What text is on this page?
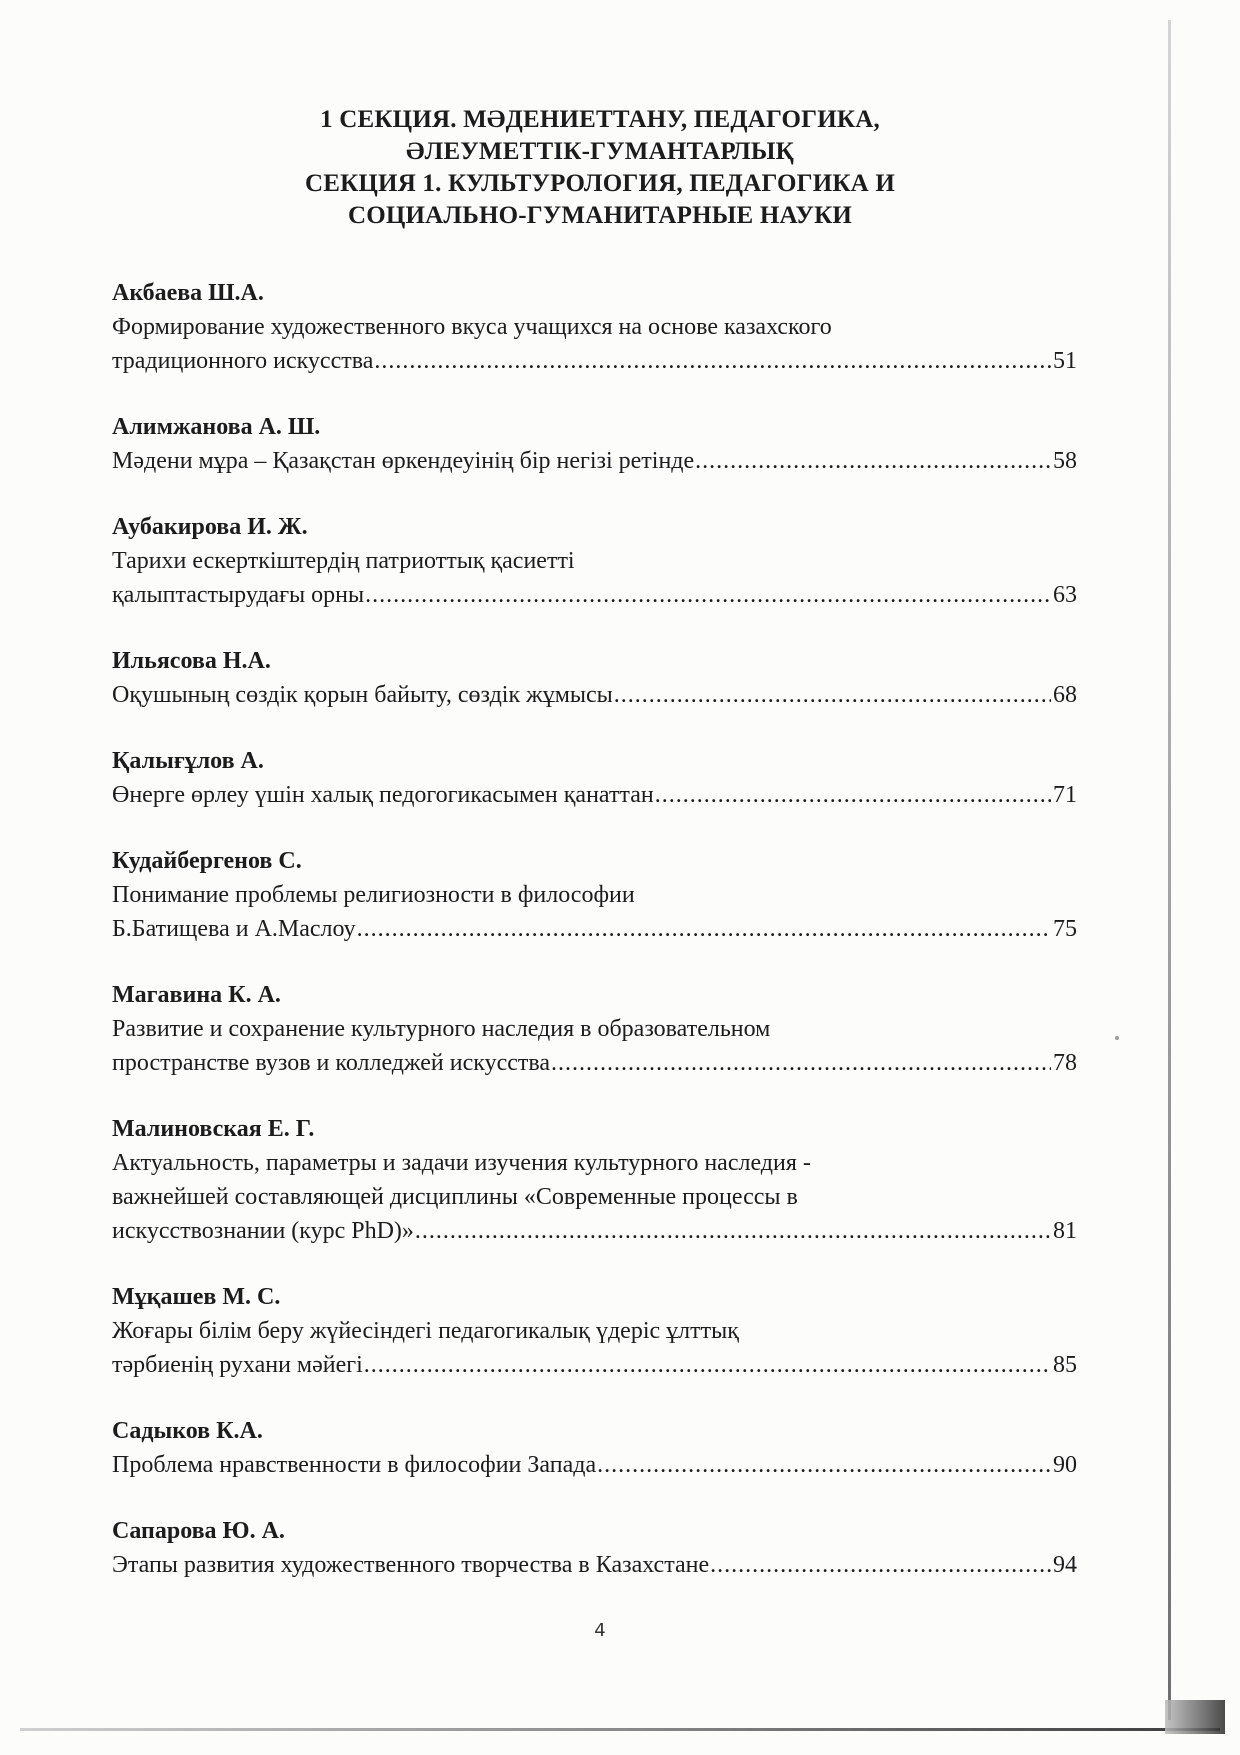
1 СЕКЦИЯ. МӘДЕНИЕТТАНУ, ПЕДАГОГИКА,
ӘЛЕУМЕТТІК-ГУМАНТАРЛЫҚ
СЕКЦИЯ 1. КУЛЬТУРОЛОГИЯ, ПЕДАГОГИКА И
СОЦИАЛЬНО-ГУМАНИТАРНЫЕ НАУКИ
Акбаева Ш.А.
Формирование художественного вкуса учащихся на основе казахского
традиционного искусства .....	51
Алимжанова А. Ш.
Мәдени мұра – Қазақстан өркендеуінің бір негізі ретінде .....	58
Аубакирова И. Ж.
Тарихи ескерткіштердің патриоттық қасиетті
қалыптастырудағы орны .....	63
Ильясова Н.А.
Оқушының сөздік қорын байыту, сөздік жұмысы .....	68
Қалығұлов А.
Өнерге өрлеу үшін халық педогогикасымен қанаттан .....	71
Кудайбергенов С.
Понимание проблемы религиозности в философии
Б.Батищева и А.Маслоу .....	75
Магавина К. А.
Развитие и сохранение культурного наследия в образовательном
пространстве вузов и колледжей искусства .....	78
Малиновская Е. Г.
Актуальность, параметры и задачи изучения культурного наследия -
важнейшей составляющей дисциплины «Современные процессы в
искусствознании (курс PhD)» .....	81
Мұқашев М. С.
Жоғары білім беру жүйесіндегі педагогикалық үдеріс ұлттық
тәрбиенің рухани мәйегі .....	85
Садыков К.А.
Проблема нравственности в философии Запада .....	90
Сапарова Ю. А.
Этапы развития художественного творчества в Казахстане .....	94
4
